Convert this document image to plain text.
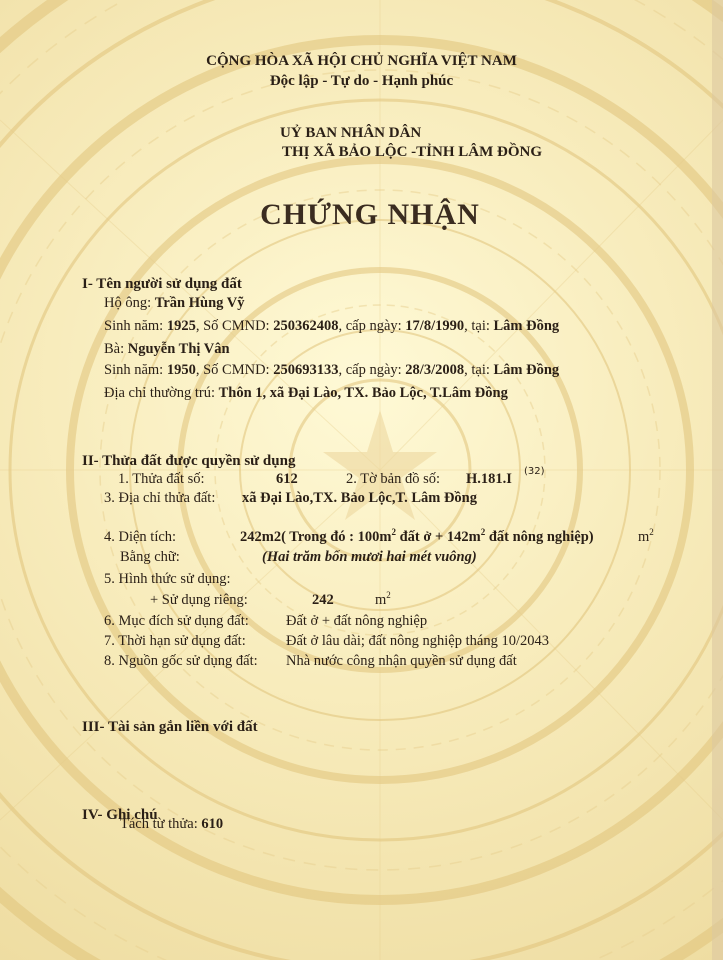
CỘNG HÒA XÃ HỘI CHỦ NGHĨA VIỆT NAM
Độc lập - Tự do - Hạnh phúc
UỶ BAN NHÂN DÂN
THỊ XÃ BẢO LỘC -TỈNH LÂM ĐỒNG
CHỨNG NHẬN
I- Tên người sử dụng đất
Hộ ông: Trần Hùng Vỹ
Sinh năm: 1925, Số CMND: 250362408, cấp ngày: 17/8/1990, tại: Lâm Đồng
Bà: Nguyễn Thị Vân
Sinh năm: 1950, Số CMND: 250693133, cấp ngày: 28/3/2008, tại: Lâm Đồng
Địa chỉ thường trú: Thôn 1, xã Đại Lào, TX. Bảo Lộc, T.Lâm Đồng
II- Thửa đất được quyền sử dụng
1. Thửa đất số:	612	2. Tờ bản đồ số: H.181.I (32)
3. Địa chỉ thửa đất: xã Đại Lào,TX. Bảo Lộc,T. Lâm Đồng
4. Diện tích:	242m2( Trong đó : $100m^2$ đất ở + $142m^2$ đất nông nghiệp)	$m^2$
Bằng chữ:	(Hai trăm bốn mươi hai mét vuông)
5. Hình thức sử dụng:
+ Sử dụng riêng:	242	$m^2$
6. Mục đích sử dụng đất:	Đất ở + đất nông nghiệp
7. Thời hạn sử dụng đất:	Đất ở lâu dài; đất nông nghiệp tháng 10/2043
8. Nguồn gốc sử dụng đất: Nhà nước công nhận quyền sử dụng đất
III- Tài sản gắn liền với đất
IV- Ghi chú
Tách từ thửa: 610
